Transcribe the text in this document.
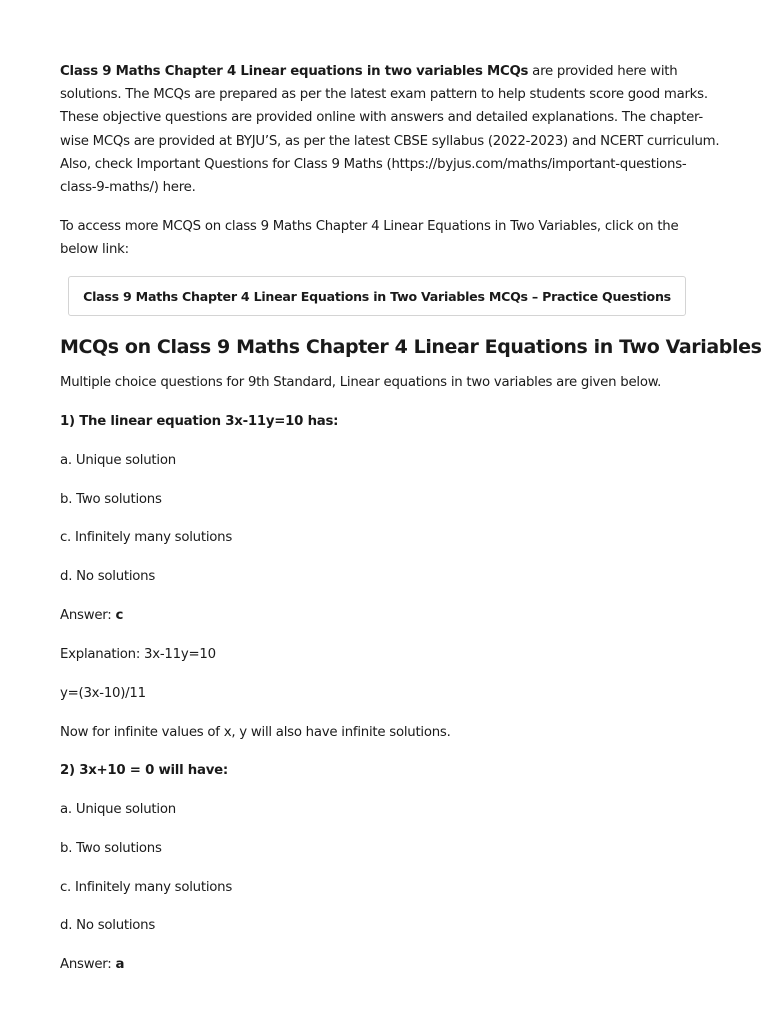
Class 9 Maths Chapter 4 Linear equations in two variables MCQs are provided here with solutions. The MCQs are prepared as per the latest exam pattern to help students score good marks. These objective questions are provided online with answers and detailed explanations. The chapter-wise MCQs are provided at BYJU’S, as per the latest CBSE syllabus (2022-2023) and NCERT curriculum. Also, check Important Questions for Class 9 Maths (https://byjus.com/maths/important-questions-class-9-maths/) here.

To access more MCQS on class 9 Maths Chapter 4 Linear Equations in Two Variables, click on the below link:

Class 9 Maths Chapter 4 Linear Equations in Two Variables MCQs – Practice Questions
MCQs on Class 9 Maths Chapter 4 Linear Equations in Two Variables
Multiple choice questions for 9th Standard, Linear equations in two variables are given below.
1) The linear equation 3x-11y=10 has:
a. Unique solution
b. Two solutions
c. Infinitely many solutions
d. No solutions
Answer: c
Explanation: 3x-11y=10
y=(3x-10)/11
Now for infinite values of x, y will also have infinite solutions.
2) 3x+10 = 0 will have:
a. Unique solution
b. Two solutions
c. Infinitely many solutions
d. No solutions
Answer: a
